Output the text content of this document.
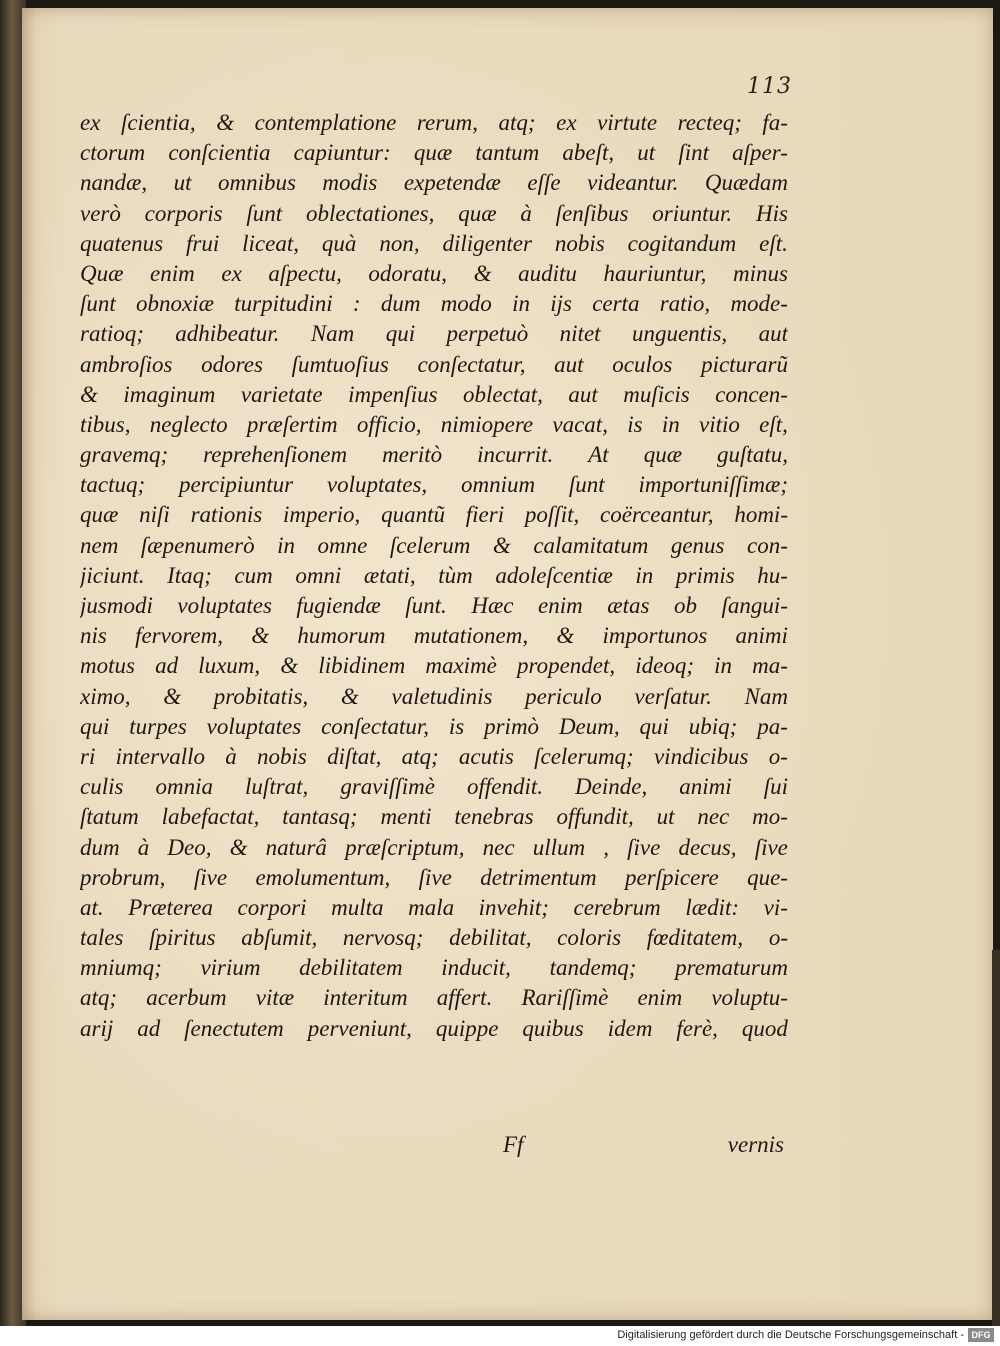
113
ex ſcientia, & contemplatione rerum, atq; ex virtute recteq; fa-
ctorum conſcientia capiuntur: quæ tantum abeſt, ut ſint aſper-
nandæ, ut omnibus modis expetendæ eſſe videantur. Quædam
verò corporis ſunt oblectationes, quæ à ſenſibus oriuntur. His
quatenus frui liceat, quà non, diligenter nobis cogitandum eſt.
Quæ enim ex aſpectu, odoratu, & auditu hauriuntur, minus
ſunt obnoxiæ turpitudini : dum modo in ijs certa ratio, mode-
ratioq; adhibeatur. Nam qui perpetuò nitet unguentis, aut
ambroſios odores ſumtuoſius conſectatur, aut oculos picturarũ
& imaginum varietate impenſius oblectat, aut muſicis concen-
tibus, neglecto præſertim officio, nimiopere vacat, is in vitio eſt,
gravemq; reprehenſionem meritò incurrit. At quæ guſtatu,
tactuq; percipiuntur voluptates, omnium ſunt importuniſſimæ;
quæ niſi rationis imperio, quantũ fieri poſſit, coërceantur, homi-
nem ſæpenumerò in omne ſcelerum & calamitatum genus con-
jiciunt. Itaq; cum omni ætati, tùm adoleſcentiæ in primis hu-
jusmodi voluptates fugiendæ ſunt. Hæc enim ætas ob ſangui-
nis fervorem, & humorum mutationem, & importunos animi
motus ad luxum, & libidinem maximè propendet, ideoq; in ma-
ximo, & probitatis, & valetudinis periculo verſatur. Nam
qui turpes voluptates conſectatur, is primò Deum, qui ubiq; pa-
ri intervallo à nobis diſtat, atq; acutis ſcelerumq; vindicibus o-
culis omnia luſtrat, graviſſimè offendit. Deinde, animi ſui
ſtatum labefactat, tantasq; menti tenebras offundit, ut nec mo-
dum à Deo, & naturâ præſcriptum, nec ullum , ſive decus, ſive
probrum, ſive emolumentum, ſive detrimentum perſpicere que-
at. Præterea corpori multa mala invehit; cerebrum lædit: vi-
tales ſpiritus abſumit, nervosq; debilitat, coloris fœditatem, o-
mniumq; virium debilitatem inducit, tandemq; prematurum
atq; acerbum vitæ interitum affert. Rariſſimè enim voluptu-
arij ad ſenectutem perveniunt, quippe quibus idem ferè, quod
Ff	vernis
Digitalisierung gefördert durch die Deutsche Forschungsgemeinschaft - DFG
